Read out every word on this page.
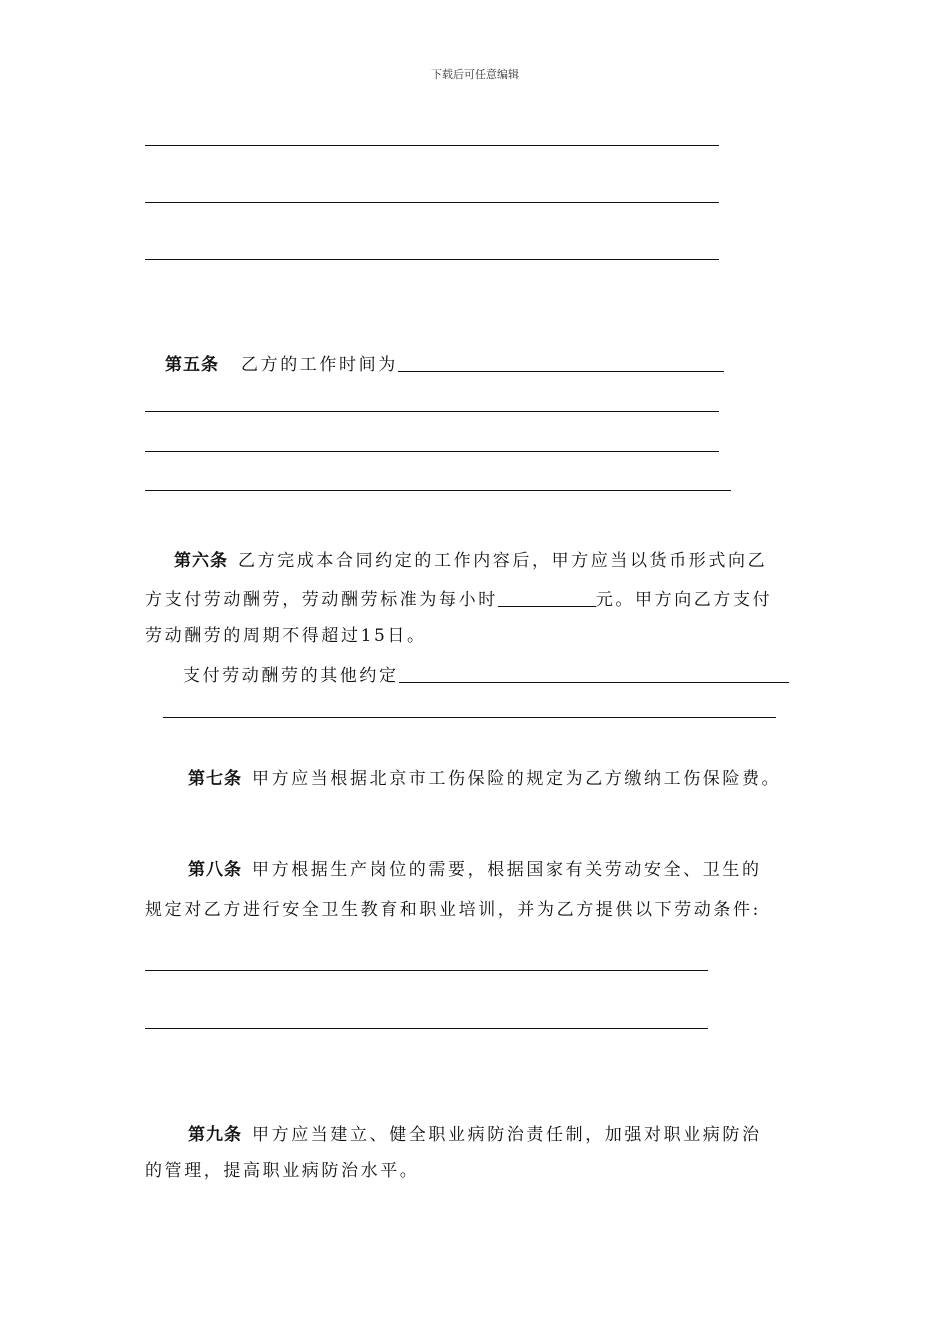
下载后可任意编辑
第五条 乙方的工作时间为
第六条 乙方完成本合同约定的工作内容后，甲方应当以货币形式向乙
方支付劳动酬劳，劳动酬劳标准为每小时	元。甲方向乙方支付
劳动酬劳的周期不得超过15日。
支付劳动酬劳的其他约定
第七条 甲方应当根据北京市工伤保险的规定为乙方缴纳工伤保险费。
第八条 甲方根据生产岗位的需要，根据国家有关劳动安全、卫生的
规定对乙方进行安全卫生教育和职业培训，并为乙方提供以下劳动条件:
第九条 甲方应当建立、健全职业病防治责任制，加强对职业病防治
的管理，提高职业病防治水平。
